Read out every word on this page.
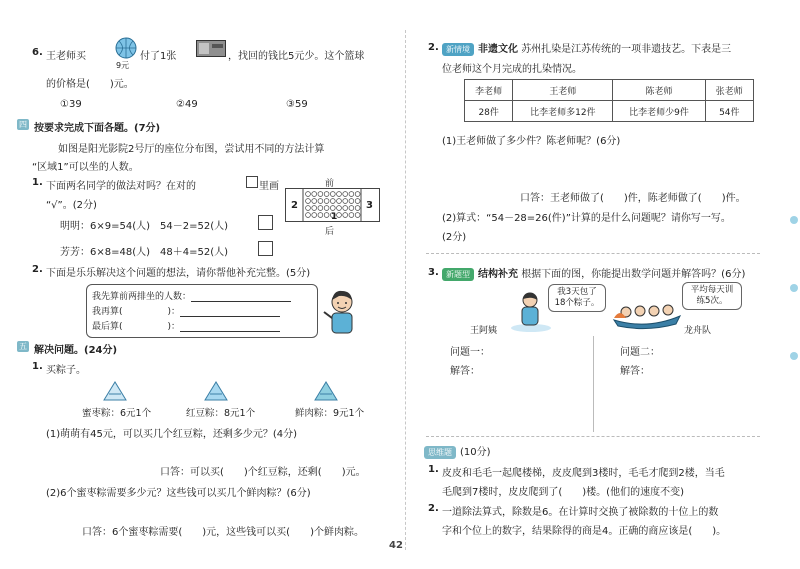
6. 王老师买
9元
付了1张	，找回的钱比5元少。这个篮球
的价格是(　　)元。
①39	②49	③59
四 按要求完成下面各题。(7分)
如图是阳光影院2号厅的座位分布图，尝试用不同的方法计算
“区域1”可以坐的人数。
1. 下面两名同学的做法对吗？在对的	里画
“√”。(2分)
前
2
1
3
后
明明：6×9=54(人)　54－2=52(人)
芳芳：6×8=48(人)　48＋4=52(人)
2. 下面是乐乐解决这个问题的想法，请你帮他补充完整。(5分)
我先算前两排坐的人数：
我再算(　　　　　)：
最后算(　　　　　)：
五 解决问题。(24分)
1. 买粽子。
蜜枣粽：6元1个	红豆粽：8元1个	鲜肉粽：9元1个
(1)萌萌有45元，可以买几个红豆粽，还剩多少元？(4分)
口答：可以买(　　)个红豆粽，还剩(　　)元。
(2)6个蜜枣粽需要多少元？这些钱可以买几个鲜肉粽？(6分)
口答：6个蜜枣粽需要(　　)元，这些钱可以买(　　)个鲜肉粽。
2. 新情境 非遗文化 苏州扎染是江苏传统的一项非遗技艺。下表是三
位老师这个月完成的扎染情况。
李老师	王老师	陈老师	张老师
28件	比李老师多12件	比李老师少9件	54件
(1)王老师做了多少件？陈老师呢？(6分)
口答：王老师做了(　　)件，陈老师做了(　　)件。
(2)算式：“54－28=26(件)”计算的是什么问题呢？请你写一写。
(2分)
3. 新题型 结构补充 根据下面的图，你能提出数学问题并解答吗？(6分)
我3天包了18个粽子。
王阿姨
平均每天训练5次。
龙舟队
问题一：
解答：
问题二：
解答：
思维题 (10分)
1. 皮皮和毛毛一起爬楼梯，皮皮爬到3楼时，毛毛才爬到2楼，当毛
毛爬到7楼时，皮皮爬到了(　　)楼。(他们的速度不变)
2. 一道除法算式，除数是6。在计算时交换了被除数的十位上的数
字和个位上的数字，结果除得的商是4。正确的商应该是(　　)。
42
